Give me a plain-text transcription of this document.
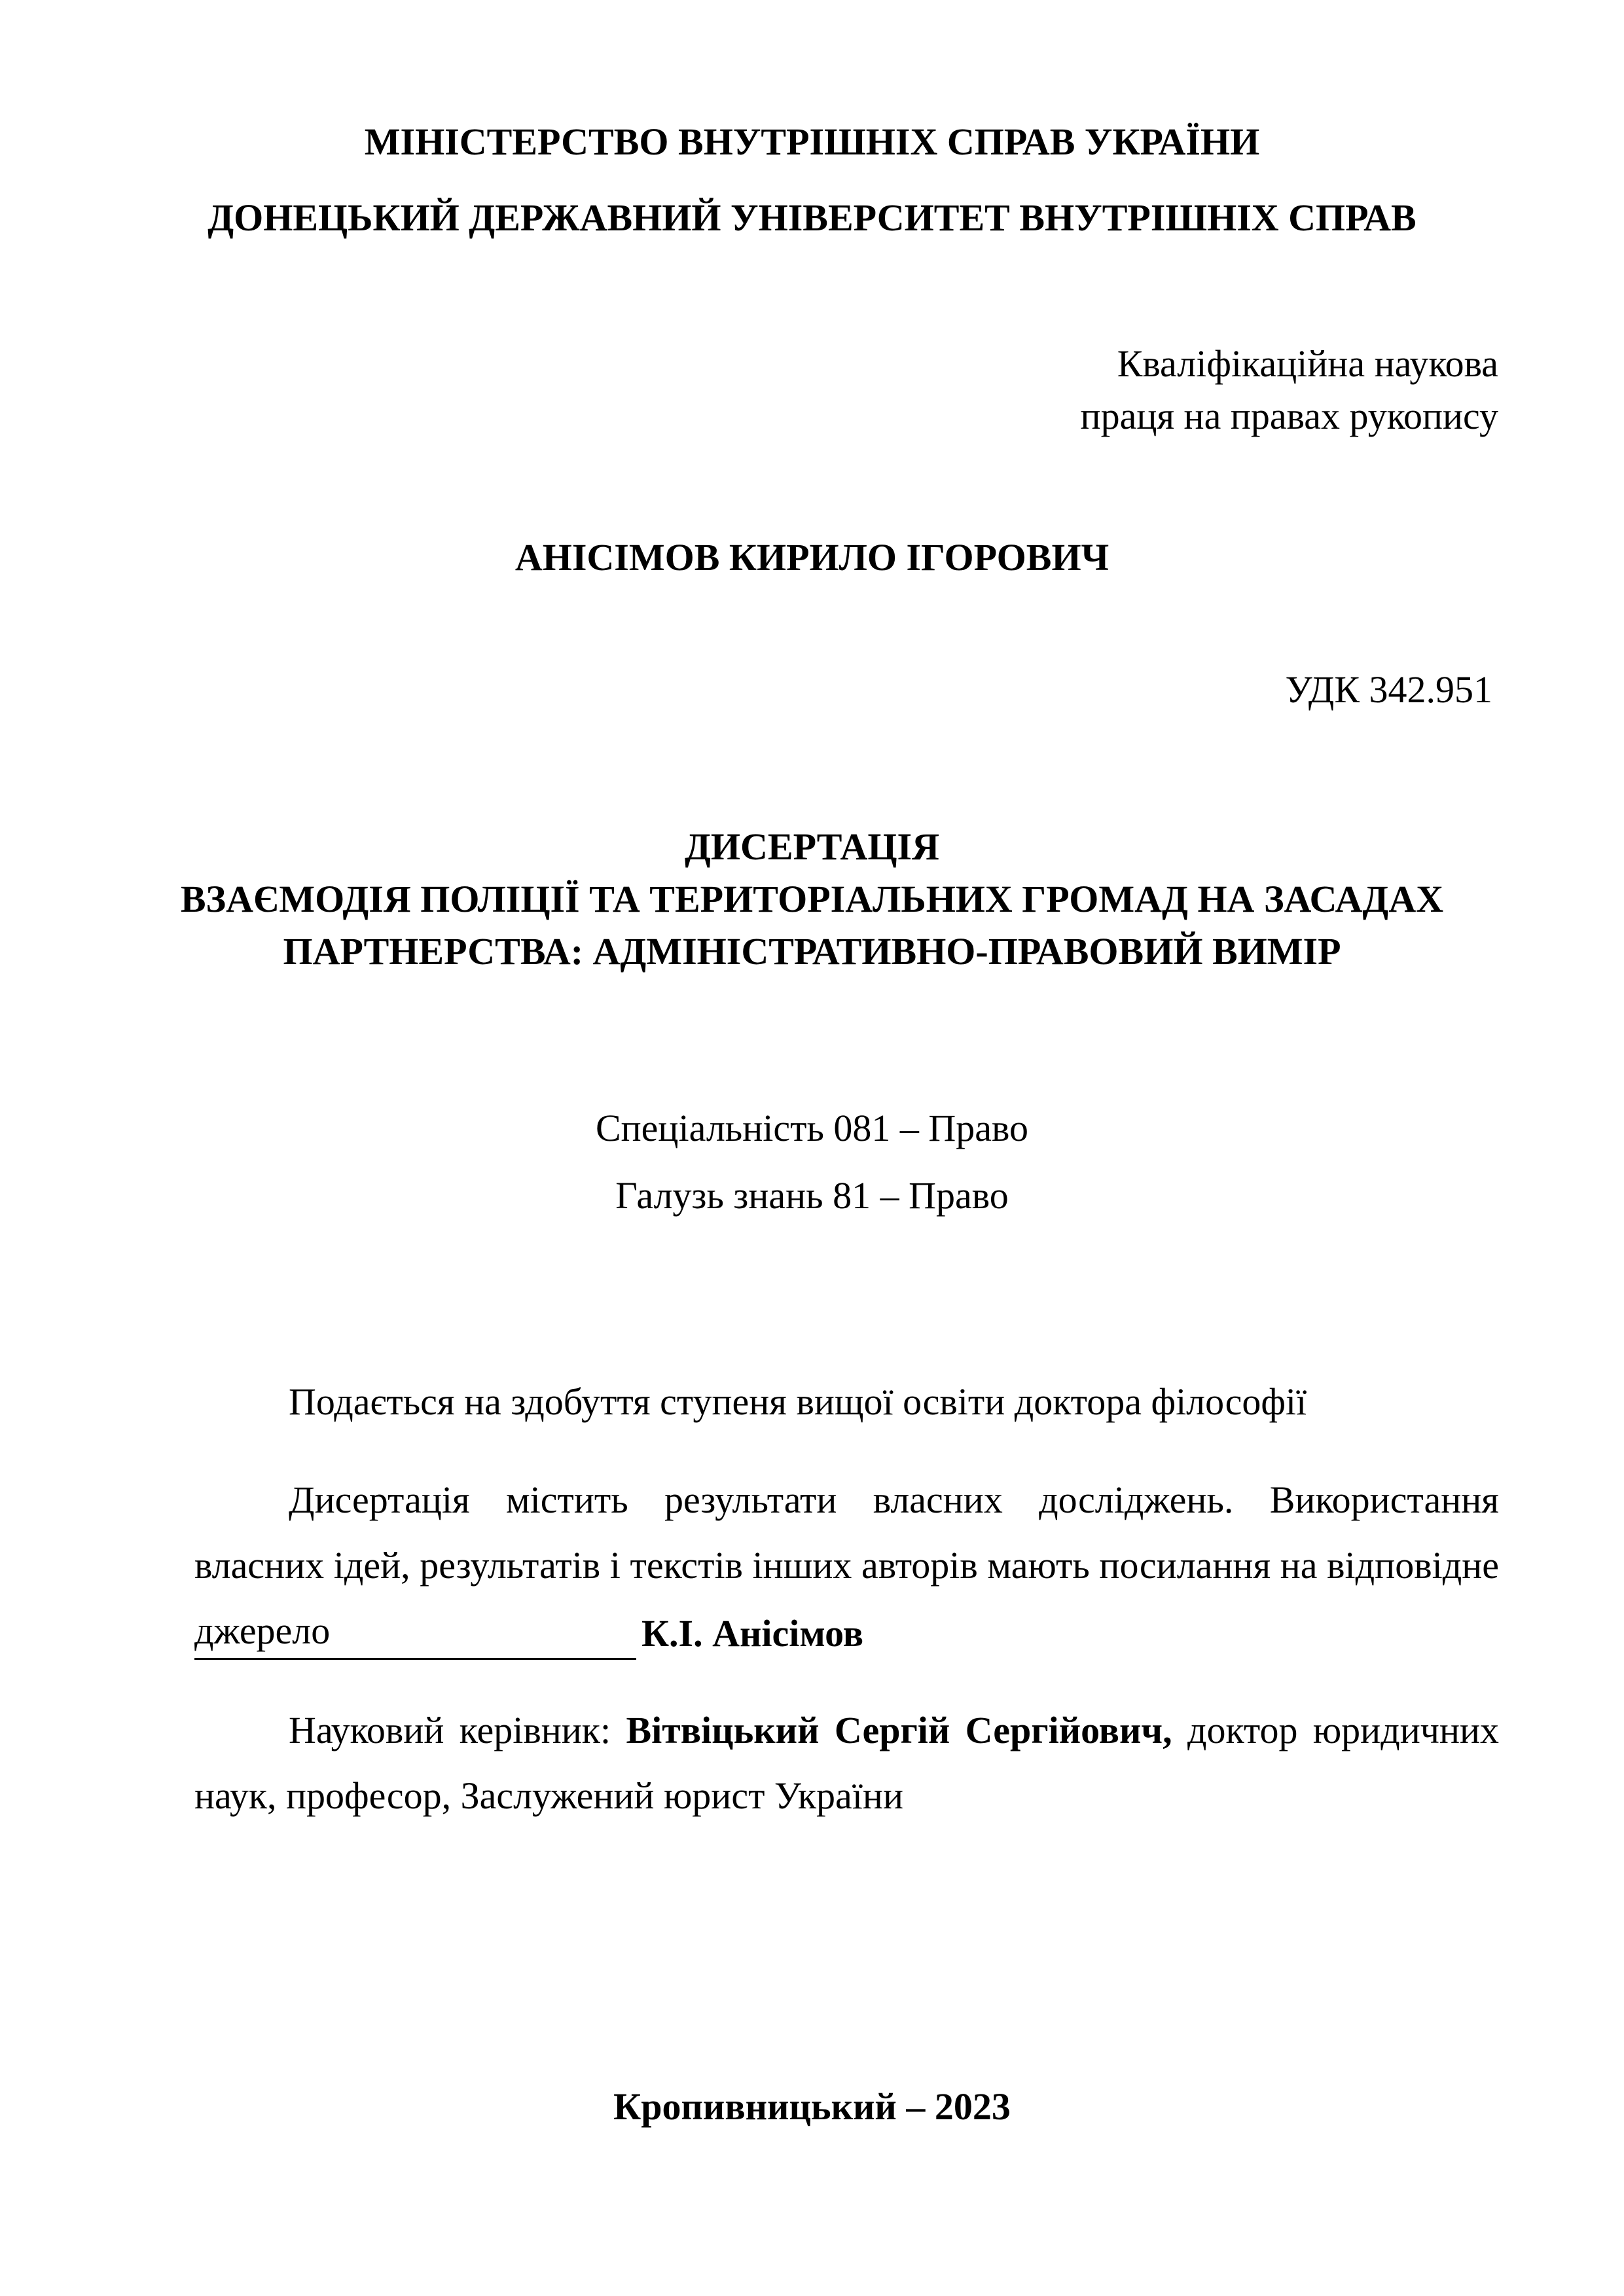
МІНІСТЕРСТВО ВНУТРІШНІХ СПРАВ УКРАЇНИ
ДОНЕЦЬКИЙ ДЕРЖАВНИЙ УНІВЕРСИТЕТ ВНУТРІШНІХ СПРАВ
Кваліфікаційна наукова
праця на правах рукопису
АНІСІМОВ КИРИЛО ІГОРОВИЧ
УДК 342.951
ДИСЕРТАЦІЯ
ВЗАЄМОДІЯ ПОЛІЦІЇ ТА ТЕРИТОРІАЛЬНИХ ГРОМАД НА ЗАСАДАХ
ПАРТНЕРСТВА: АДМІНІСТРАТИВНО-ПРАВОВИЙ ВИМІР
Спеціальність 081 – Право
Галузь знань 81 – Право
Подається на здобуття ступеня вищої освіти доктора філософії
Дисертація містить результати власних досліджень. Використання власних ідей, результатів і текстів інших авторів мають посилання на відповідне джерело	К.І. Анісімов
Науковий керівник: Вітвіцький Сергій Сергійович, доктор юридичних наук, професор, Заслужений юрист України
Кропивницький – 2023
